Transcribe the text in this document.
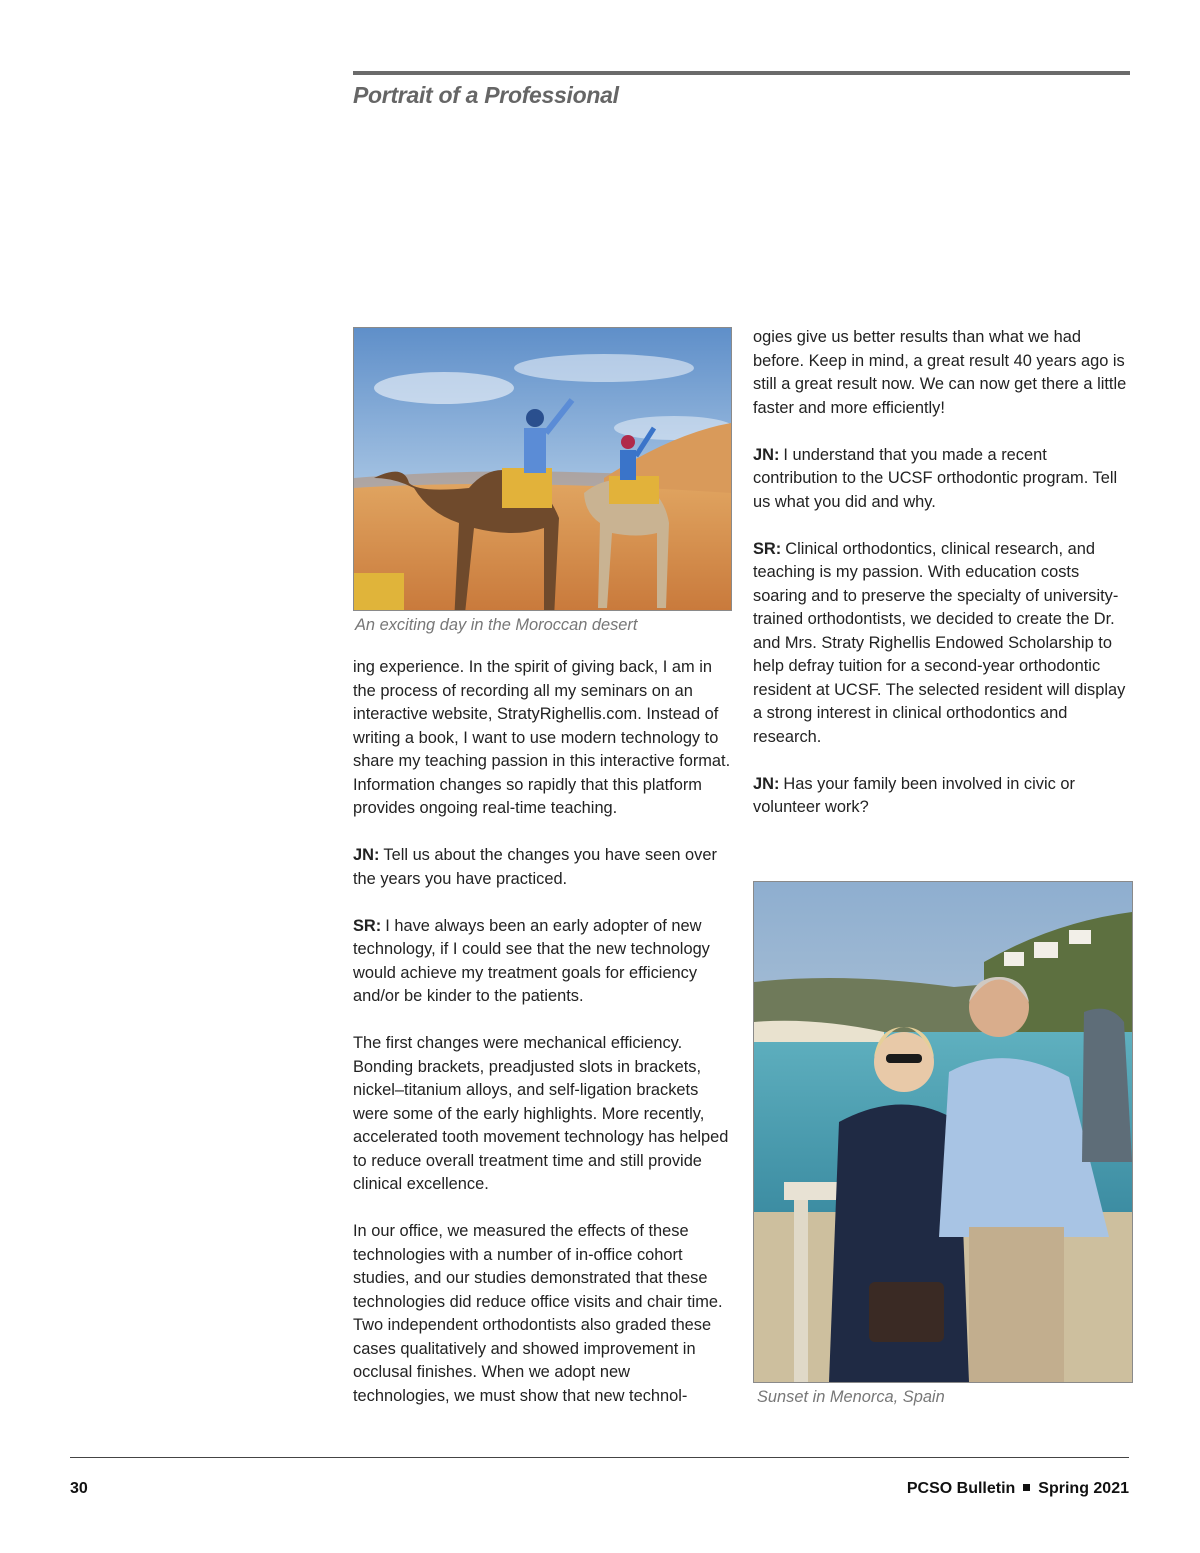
Portrait of a Professional
An exciting day in the Moroccan desert

ing experience. In the spirit of giving back, I am in the process of recording all my seminars on an interactive website, StratyRighellis.com. Instead of writing a book, I want to use modern technology to share my teaching passion in this interactive format. Information changes so rapidly that this platform provides ongoing real-time teaching.

JN: Tell us about the changes you have seen over the years you have practiced.

SR: I have always been an early adopter of new technology, if I could see that the new technology would achieve my treatment goals for efficiency and/or be kinder to the patients.

The first changes were mechanical efficiency. Bonding brackets, preadjusted slots in brackets, nickel–titanium alloys, and self-ligation brackets were some of the early highlights. More recently, accelerated tooth movement technology has helped to reduce overall treatment time and still provide clinical excellence.

In our office, we measured the effects of these technologies with a number of in-office cohort studies, and our studies demonstrated that these technologies did reduce office visits and chair time. Two independent orthodontists also graded these cases qualitatively and showed improvement in occlusal finishes. When we adopt new technologies, we must show that new technol-

ogies give us better results than what we had before. Keep in mind, a great result 40 years ago is still a great result now. We can now get there a little faster and more efficiently!

JN: I understand that you made a recent contribution to the UCSF orthodontic program. Tell us what you did and why.

SR: Clinical orthodontics, clinical research, and teaching is my passion. With education costs soaring and to preserve the specialty of university-trained orthodontists, we decided to create the Dr. and Mrs. Straty Righellis Endowed Scholarship to help defray tuition for a second-year orthodontic resident at UCSF. The selected resident will display a strong interest in clinical orthodontics and research.

JN: Has your family been involved in civic or volunteer work?

Sunset in Menorca, Spain
30	PCSO Bulletin Spring 2021
